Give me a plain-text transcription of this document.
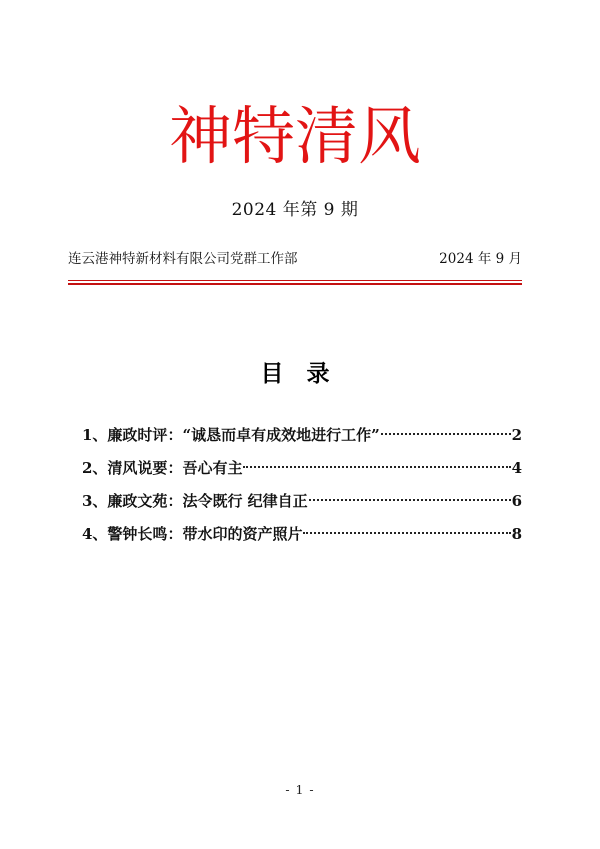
神特清风
2024 年第 9 期
连云港神特新材料有限公司党群工作部	2024 年 9 月
目　录
1、廉政时评：“诚恳而卓有成效地进行工作”	2
2、清风说要：吾心有主	4
3、廉政文苑：法令既行 纪律自正	6
4、警钟长鸣：带水印的资产照片	8
- 1 -
